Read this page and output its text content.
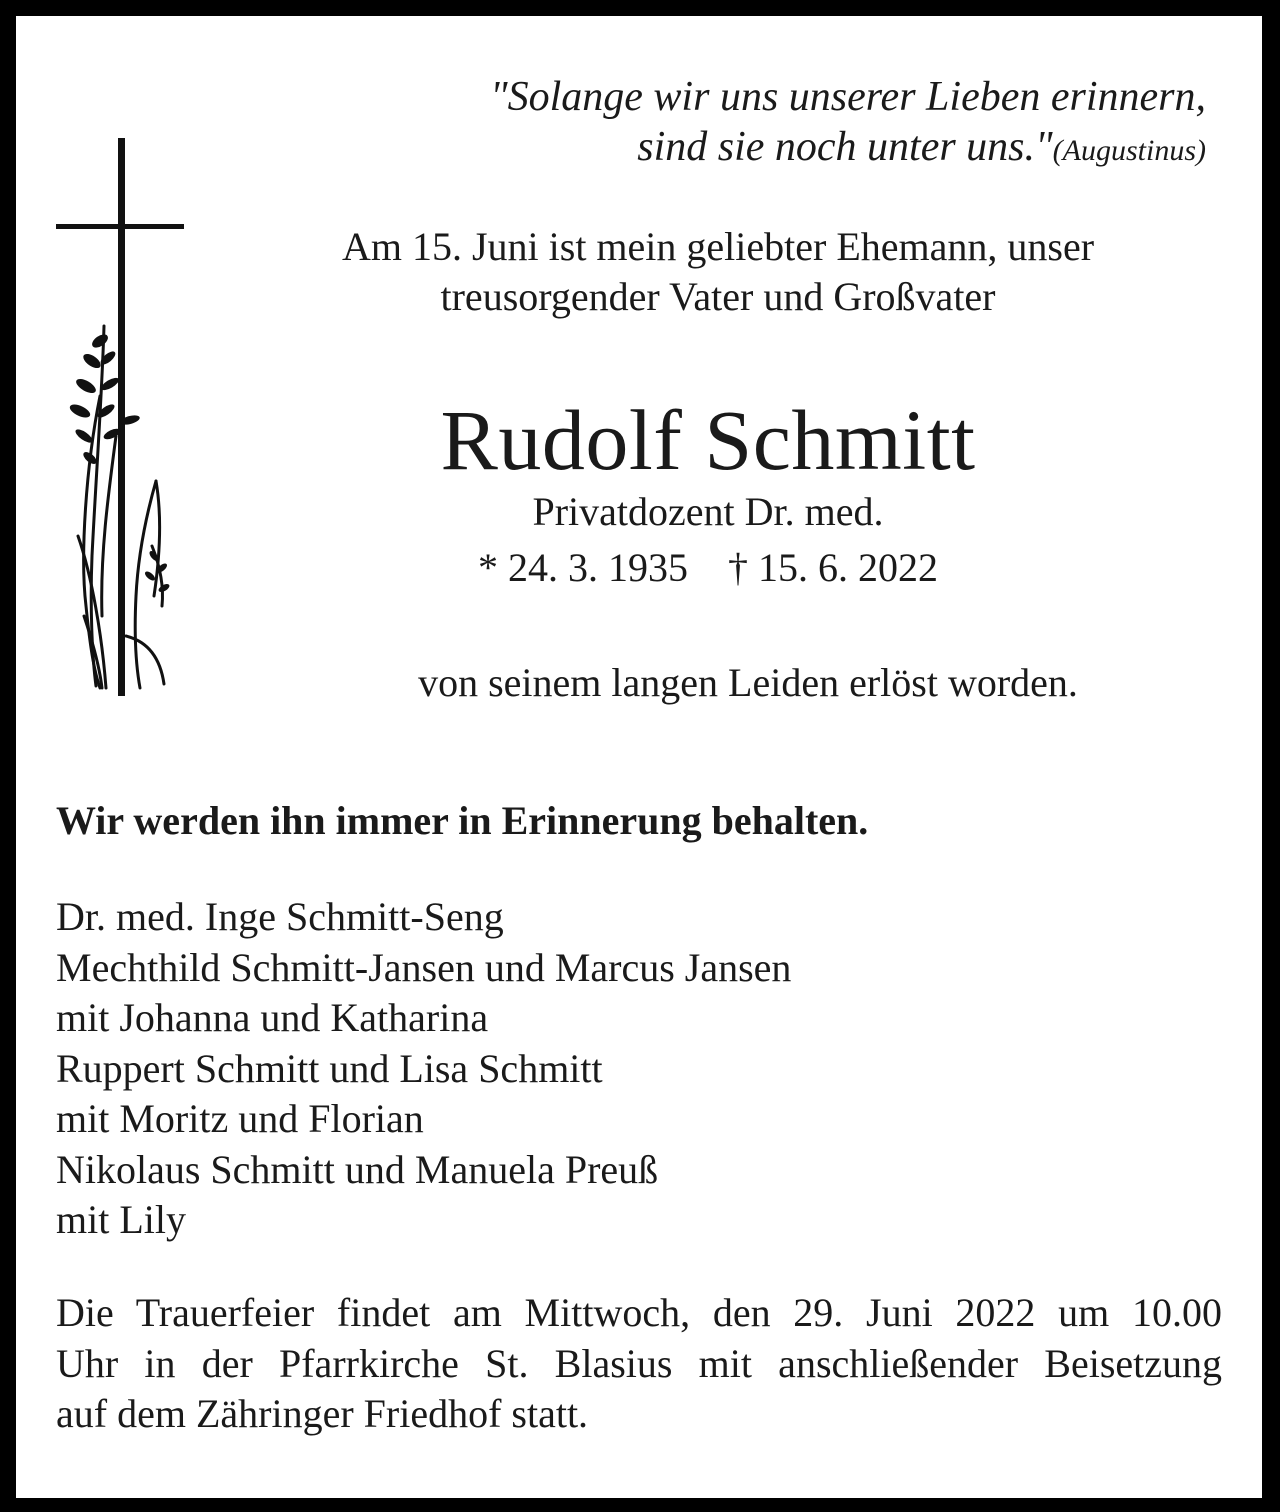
"Solange wir uns unserer Lieben erinnern,

sind sie noch unter uns."(Augustinus)

Am 15. Juni ist mein geliebter Ehemann, unser

treusorgender Vater und Großvater

Rudolf Schmitt

Privatdozent Dr. med.

* 24. 3. 1935 † 15. 6. 2022

von seinem langen Leiden erlöst worden.

Wir werden ihn immer in Erinnerung behalten.

Dr. med. Inge Schmitt-Seng
Mechthild Schmitt-Jansen und Marcus Jansen
mit Johanna und Katharina
Ruppert Schmitt und Lisa Schmitt
mit Moritz und Florian
Nikolaus Schmitt und Manuela Preuß
mit Lily
Die Trauerfeier findet am Mittwoch, den 29. Juni 2022 um 10.00
Uhr in der Pfarrkirche St. Blasius mit anschließender Beisetzung
auf dem Zähringer Friedhof statt.
